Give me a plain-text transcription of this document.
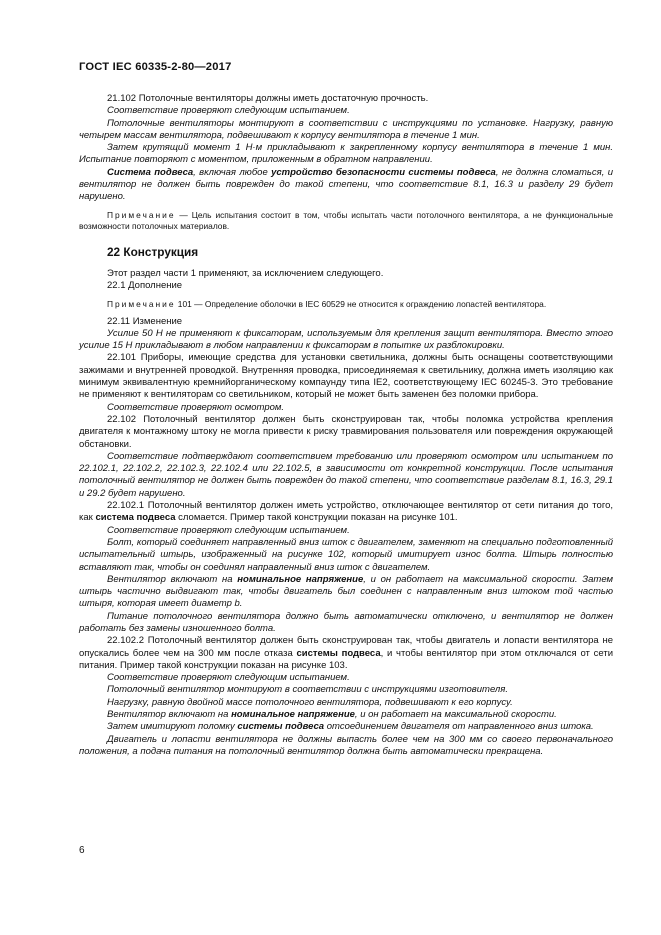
ГОСТ IEC 60335-2-80—2017

21.102 Потолочные вентиляторы должны иметь достаточную прочность.

Соответствие проверяют следующим испытанием.

Потолочные вентиляторы монтируют в соответствии с инструкциями по установке. Нагрузку, равную четырем массам вентилятора, подвешивают к корпусу вентилятора в течение 1 мин.

Затем крутящий момент 1 Н·м прикладывают к закрепленному корпусу вентилятора в течение 1 мин. Испытание повторяют с моментом, приложенным в обратном направлении.

Система подвеса, включая любое устройство безопасности системы подвеса, не должна сломаться, и вентилятор не должен быть поврежден до такой степени, что соответствие 8.1, 16.3 и разделу 29 будет нарушено.

Примечание — Цель испытания состоит в том, чтобы испытать части потолочного вентилятора, а не функциональные возможности потолочных материалов.

22 Конструкция

Этот раздел части 1 применяют, за исключением следующего.

22.1 Дополнение

Примечание 101 — Определение оболочки в IEC 60529 не относится к ограждению лопастей вентилятора.

22.11 Изменение

Усилие 50 Н не применяют к фиксаторам, используемым для крепления защит вентилятора. Вместо этого усилие 15 Н прикладывают в любом направлении к фиксаторам в попытке их разблокировки.

22.101 Приборы, имеющие средства для установки светильника, должны быть оснащены соответствующими зажимами и внутренней проводкой. Внутренняя проводка, присоединяемая к светильнику, должна иметь изоляцию как минимум эквивалентную кремнийорганическому компаунду типа IE2, соответствующему IEC 60245-3. Это требование не применяют к вентиляторам со светильником, который не может быть заменен без поломки прибора.

Соответствие проверяют осмотром.

22.102 Потолочный вентилятор должен быть сконструирован так, чтобы поломка устройства крепления двигателя к монтажному штоку не могла привести к риску травмирования пользователя или повреждения окружающей обстановки.

Соответствие подтверждают соответствием требованию или проверяют осмотром или испытанием по 22.102.1, 22.102.2, 22.102.3, 22.102.4 или 22.102.5, в зависимости от конкретной конструкции. После испытания потолочный вентилятор не должен быть поврежден до такой степени, что соответствие разделам 8.1, 16.3, 29.1 и 29.2 будет нарушено.

22.102.1 Потолочный вентилятор должен иметь устройство, отключающее вентилятор от сети питания до того, как система подвеса сломается. Пример такой конструкции показан на рисунке 101.

Соответствие проверяют следующим испытанием.

Болт, который соединяет направленный вниз шток с двигателем, заменяют на специально подготовленный испытательный штырь, изображенный на рисунке 102, который имитирует износ болта. Штырь полностью вставляют так, чтобы он соединял направленный вниз шток с двигателем.

Вентилятор включают на номинальное напряжение, и он работает на максимальной скорости. Затем штырь частично выдвигают так, чтобы двигатель был соединен с направленным вниз штоком той частью штыря, которая имеет диаметр b.

Питание потолочного вентилятора должно быть автоматически отключено, и вентилятор не должен работать без замены изношенного болта.

22.102.2 Потолочный вентилятор должен быть сконструирован так, чтобы двигатель и лопасти вентилятора не опускались более чем на 300 мм после отказа системы подвеса, и чтобы вентилятор при этом отключался от сети питания. Пример такой конструкции показан на рисунке 103.

Соответствие проверяют следующим испытанием.

Потолочный вентилятор монтируют в соответствии с инструкциями изготовителя.

Нагрузку, равную двойной массе потолочного вентилятора, подвешивают к его корпусу.

Вентилятор включают на номинальное напряжение, и он работает на максимальной скорости.

Затем имитируют поломку системы подвеса отсоединением двигателя от направленного вниз штока.

Двигатель и лопасти вентилятора не должны выпасть более чем на 300 мм со своего первоначального положения, а подача питания на потолочный вентилятор должна быть автоматически прекращена.

6
